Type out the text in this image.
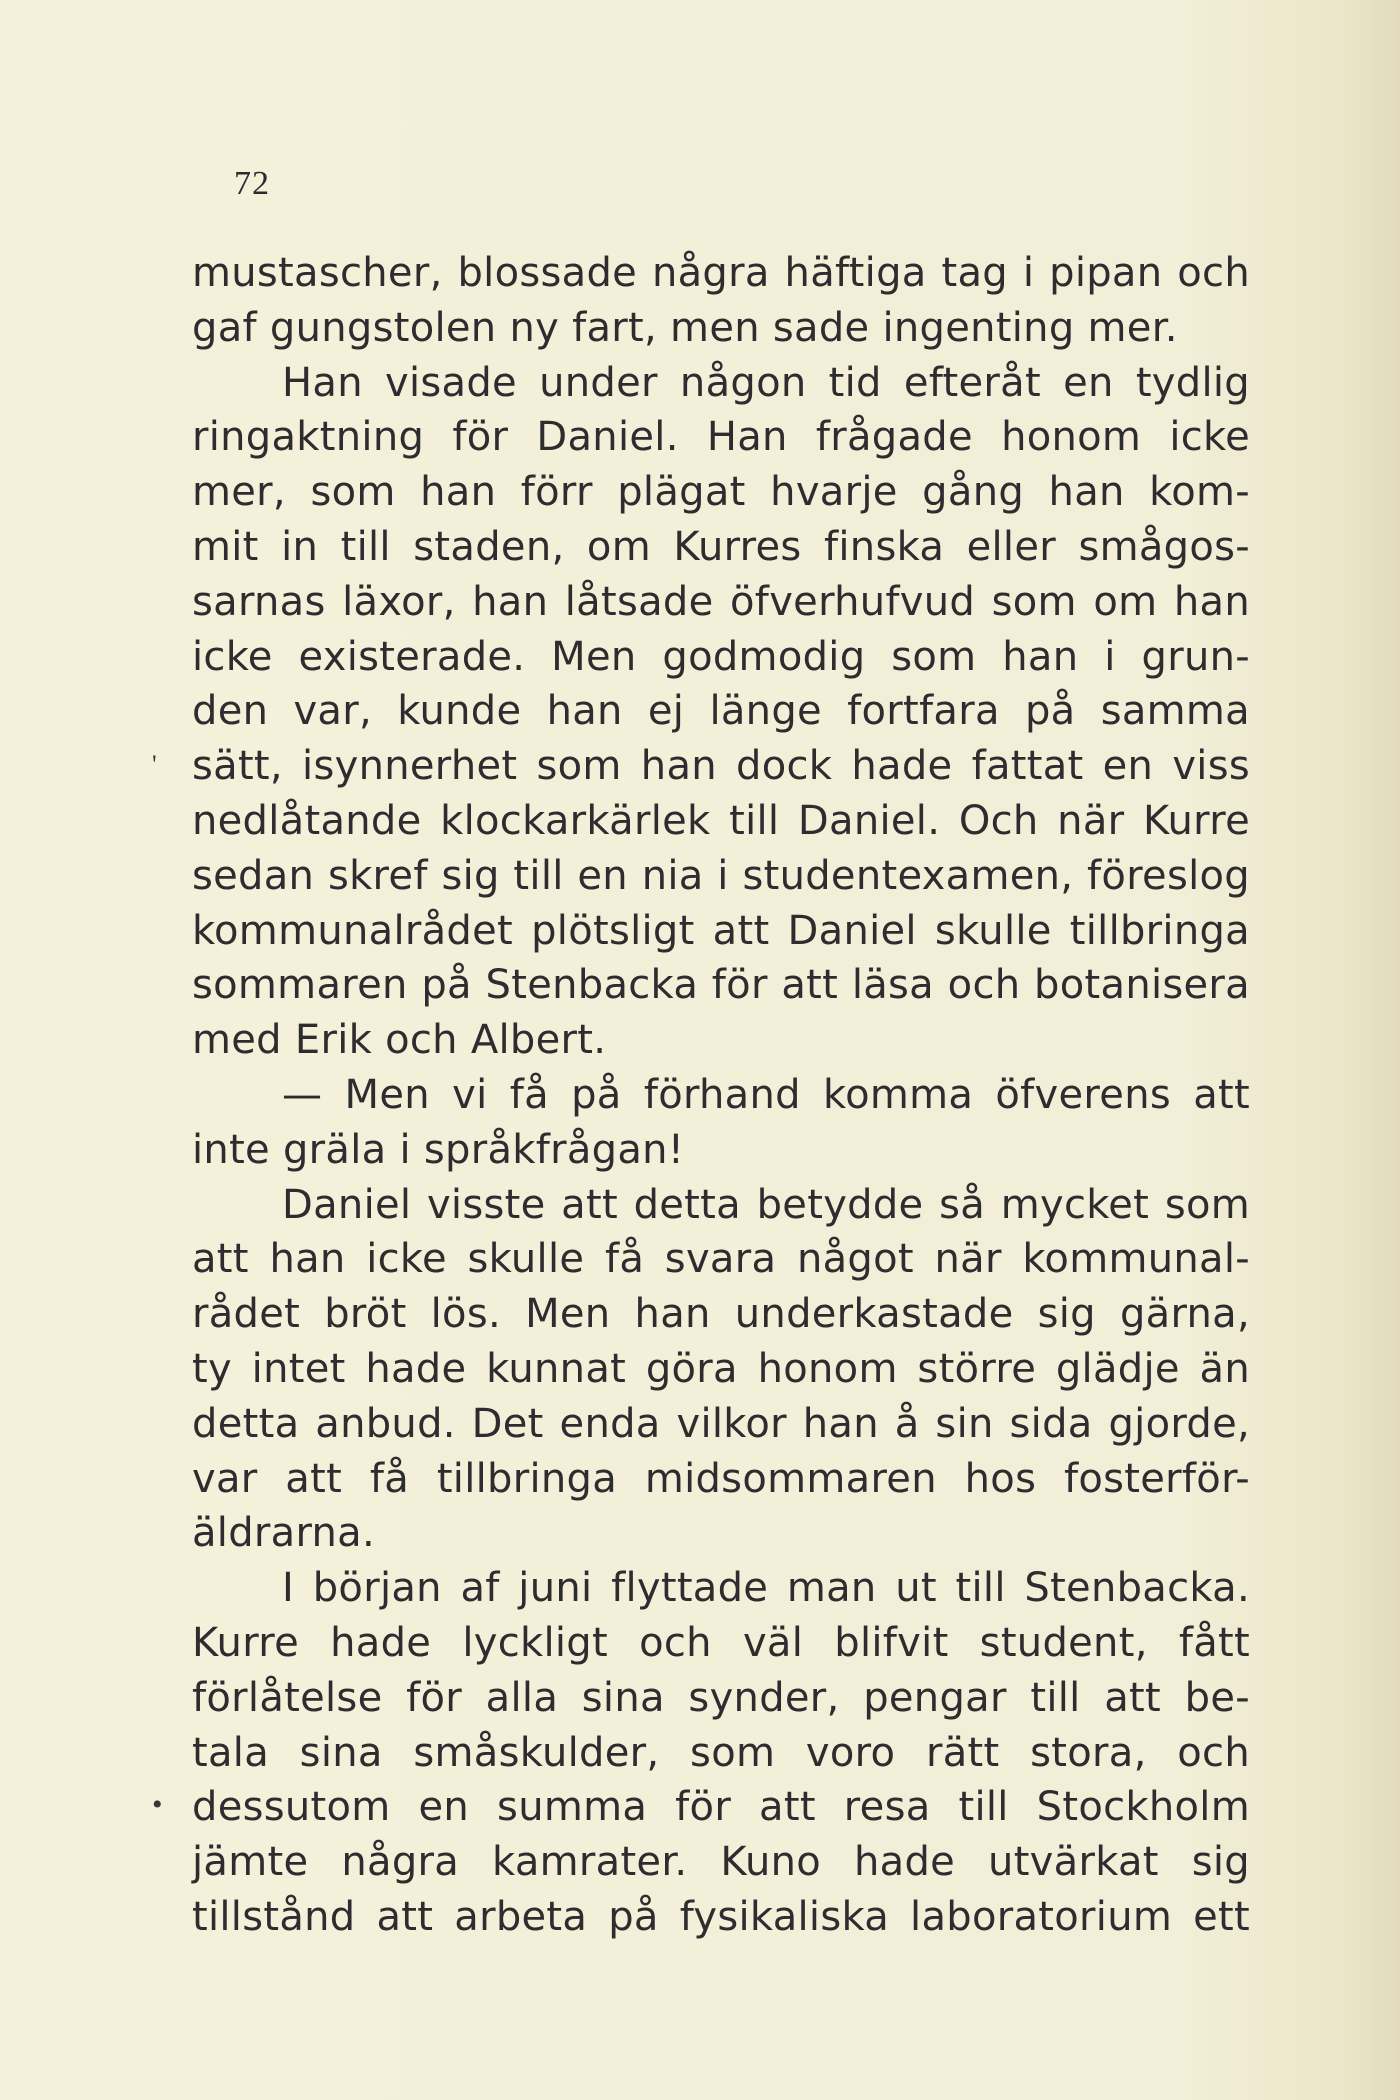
72
'
•
mustascher, blossade några häftiga tag i pipan och
gaf gungstolen ny fart, men sade ingenting mer.
Han visade under någon tid efteråt en tydlig
ringaktning för Daniel. Han frågade honom icke
mer, som han förr plägat hvarje gång han kom-
mit in till staden, om Kurres finska eller smågos-
sarnas läxor, han låtsade öfverhufvud som om han
icke existerade. Men godmodig som han i grun-
den var, kunde han ej länge fortfara på samma
sätt, isynnerhet som han dock hade fattat en viss
nedlåtande klockarkärlek till Daniel. Och när Kurre
sedan skref sig till en nia i studentexamen, föreslog
kommunalrådet plötsligt att Daniel skulle tillbringa
sommaren på Stenbacka för att läsa och botanisera
med Erik och Albert.
— Men vi få på förhand komma öfverens att
inte gräla i språkfrågan!
Daniel visste att detta betydde så mycket som
att han icke skulle få svara något när kommunal-
rådet bröt lös. Men han underkastade sig gärna,
ty intet hade kunnat göra honom större glädje än
detta anbud. Det enda vilkor han å sin sida gjorde,
var att få tillbringa midsommaren hos fosterför-
äldrarna.
I början af juni flyttade man ut till Stenbacka.
Kurre hade lyckligt och väl blifvit student, fått
förlåtelse för alla sina synder, pengar till att be-
tala sina småskulder, som voro rätt stora, och
dessutom en summa för att resa till Stockholm
jämte några kamrater. Kuno hade utvärkat sig
tillstånd att arbeta på fysikaliska laboratorium ett
